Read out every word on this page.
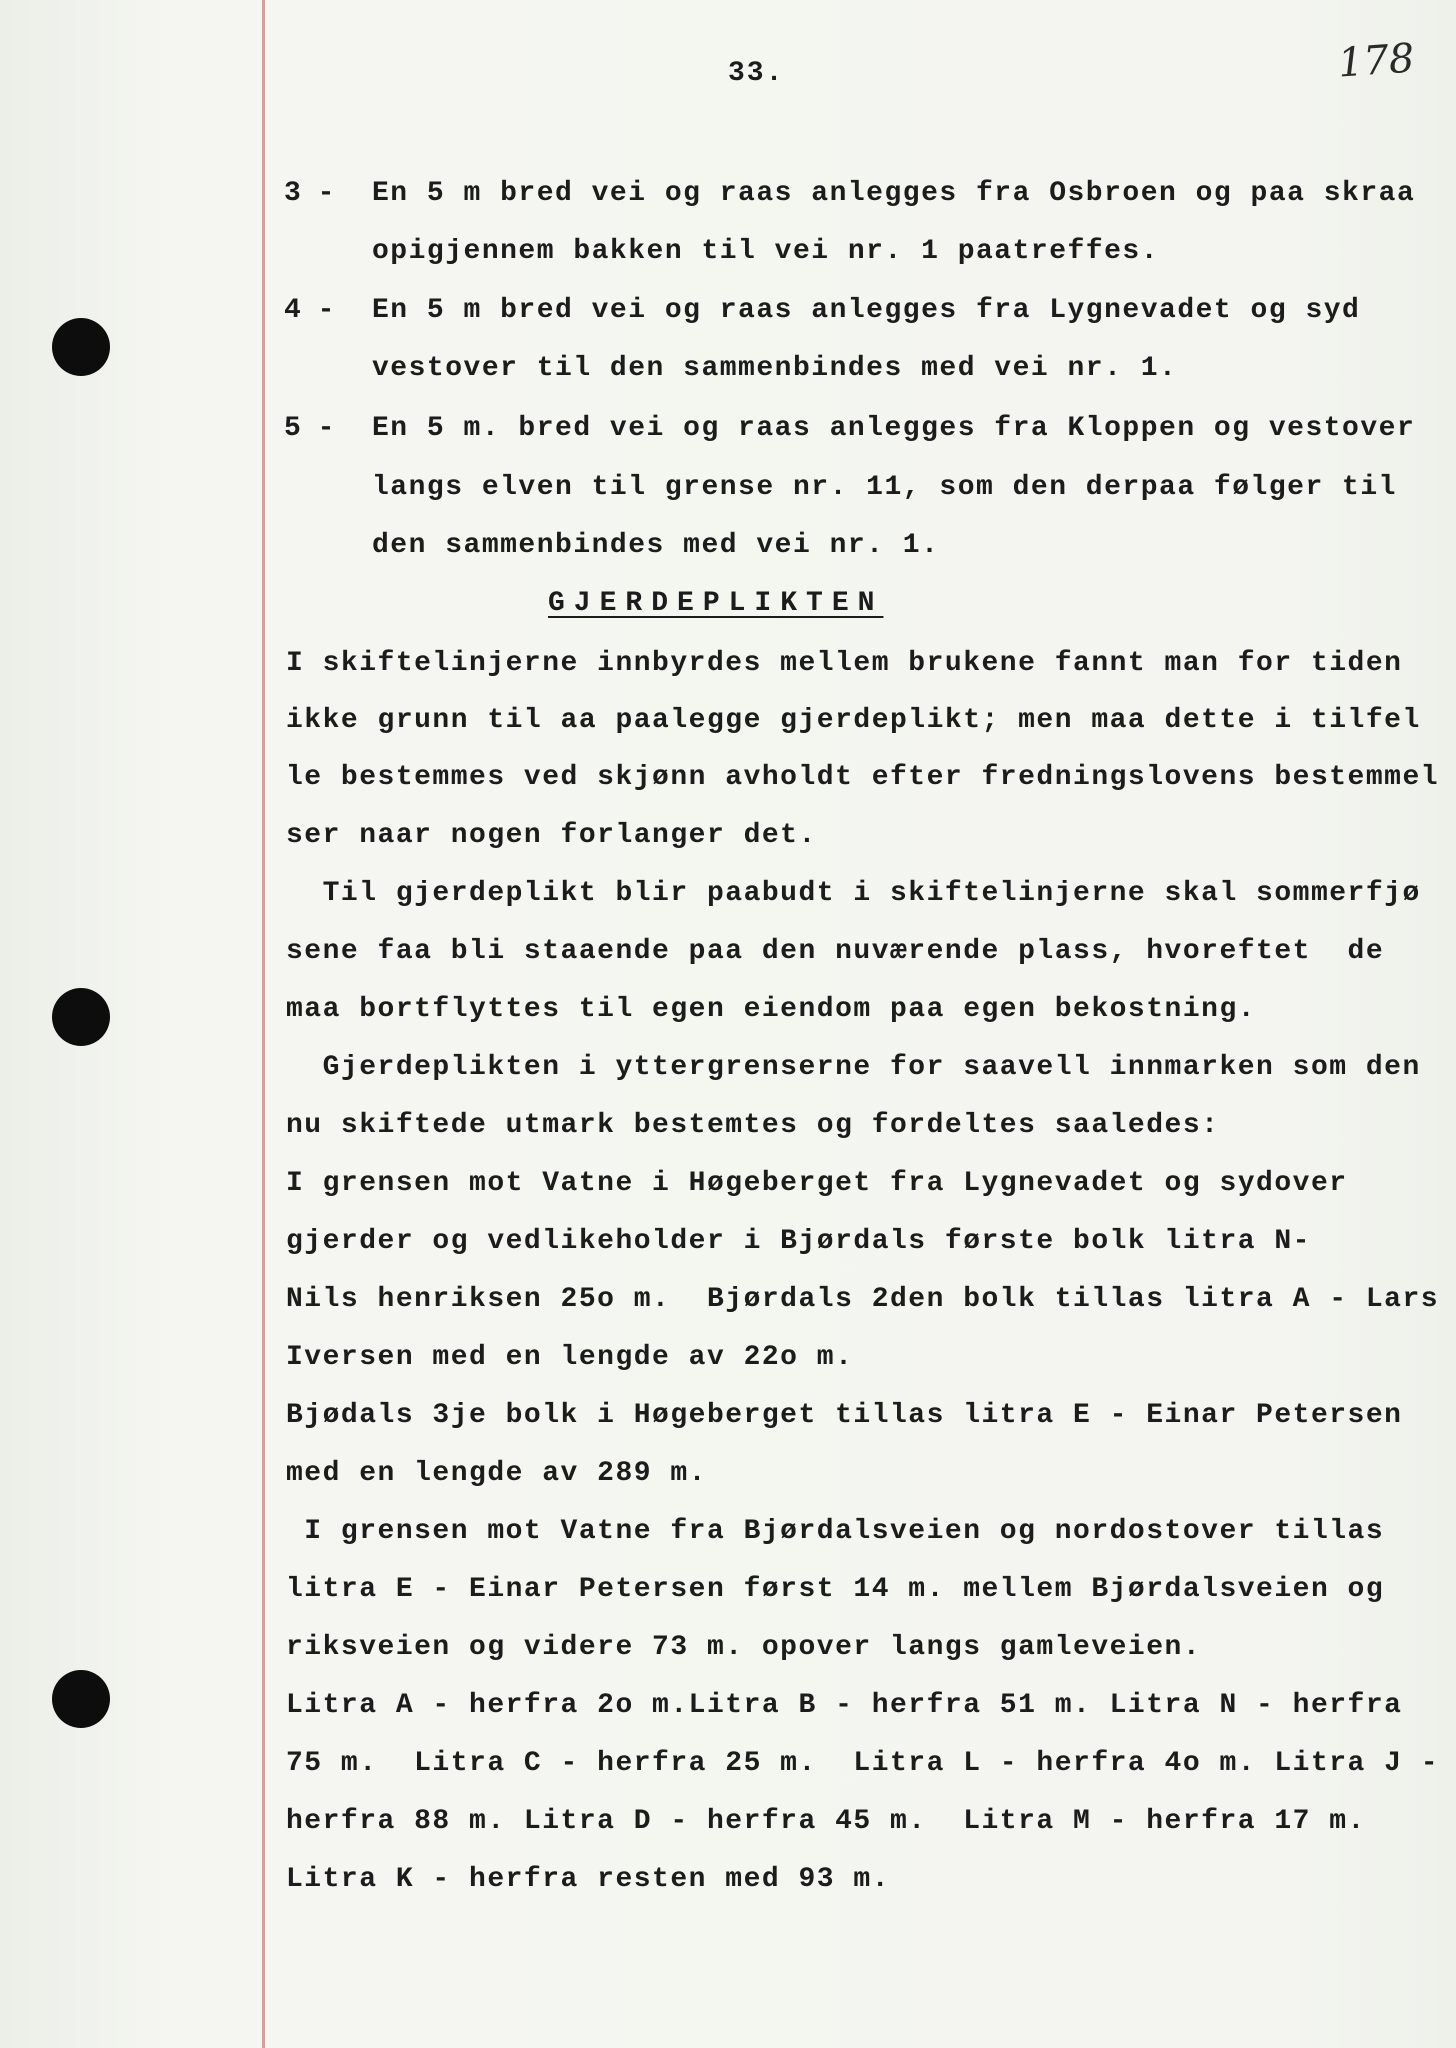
33.	178
3 - En 5 m bred vei og raas anlegges fra Osbroen og paa skraa
opigjennem bakken til vei nr. 1 paatreffes.
4 - En 5 m bred vei og raas anlegges fra Lygnevadet og syd
vestover til den sammenbindes med vei nr. 1.
5 - En 5 m. bred vei og raas anlegges fra Kloppen og vestover
langs elven til grense nr. 11, som den derpaa følger til
den sammenbindes med vei nr. 1.
GJERDEPLIKTEN
I skiftelinjerne innbyrdes mellem brukene fannt man for tiden
ikke grunn til aa paalegge gjerdeplikt; men maa dette i tilfel
le bestemmes ved skjønn avholdt efter fredningslovens bestemmel
ser naar nogen forlanger det.
Til gjerdeplikt blir paabudt i skiftelinjerne skal sommerfjø
sene faa bli staaende paa den nuværende plass, hvoreftet  de
maa bortflyttes til egen eiendom paa egen bekostning.
Gjerdeplikten i yttergrenserne for saavell innmarken som den
nu skiftede utmark bestemtes og fordeltes saaledes:
I grensen mot Vatne i Høgeberget fra Lygnevadet og sydover
gjerder og vedlikeholder i Bjørdals første bolk litra N-
Nils henriksen 25o m.  Bjørdals 2den bolk tillas litra A - Lars
Iversen med en lengde av 22o m.
Bjødals 3je bolk i Høgeberget tillas litra E - Einar Petersen
med en lengde av 289 m.
I grensen mot Vatne fra Bjørdalsveien og nordostover tillas
litra E - Einar Petersen først 14 m. mellem Bjørdalsveien og
riksveien og videre 73 m. opover langs gamleveien.
Litra A - herfra 2o m.Litra B - herfra 51 m. Litra N - herfra
75 m.  Litra C - herfra 25 m.  Litra L - herfra 4o m. Litra J -
herfra 88 m. Litra D - herfra 45 m.  Litra M - herfra 17 m.
Litra K - herfra resten med 93 m.
